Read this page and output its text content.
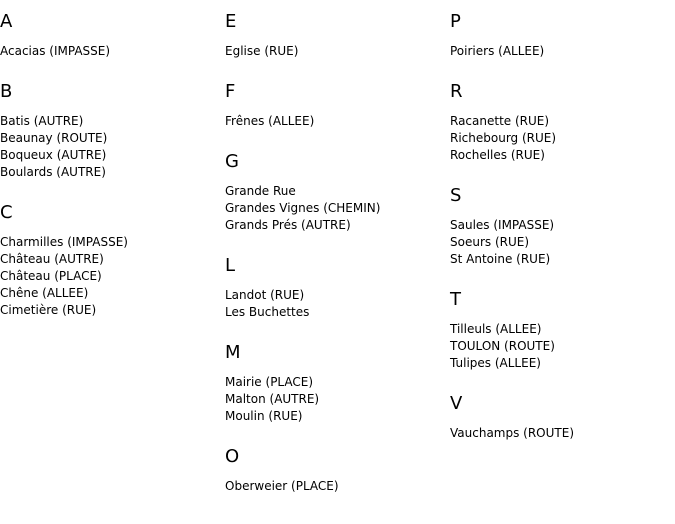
A
Acacias (IMPASSE)
B
Batis (AUTRE)
Beaunay (ROUTE)
Boqueux (AUTRE)
Boulards (AUTRE)
C
Charmilles (IMPASSE)
Château (AUTRE)
Château (PLACE)
Chêne (ALLEE)
Cimetière (RUE)
E
Eglise (RUE)
F
Frênes (ALLEE)
G
Grande Rue
Grandes Vignes (CHEMIN)
Grands Prés (AUTRE)
L
Landot (RUE)
Les Buchettes
M
Mairie (PLACE)
Malton (AUTRE)
Moulin (RUE)
O
Oberweier (PLACE)
P
Poiriers (ALLEE)
R
Racanette (RUE)
Richebourg (RUE)
Rochelles (RUE)
S
Saules (IMPASSE)
Soeurs (RUE)
St Antoine (RUE)
T
Tilleuls (ALLEE)
TOULON (ROUTE)
Tulipes (ALLEE)
V
Vauchamps (ROUTE)
